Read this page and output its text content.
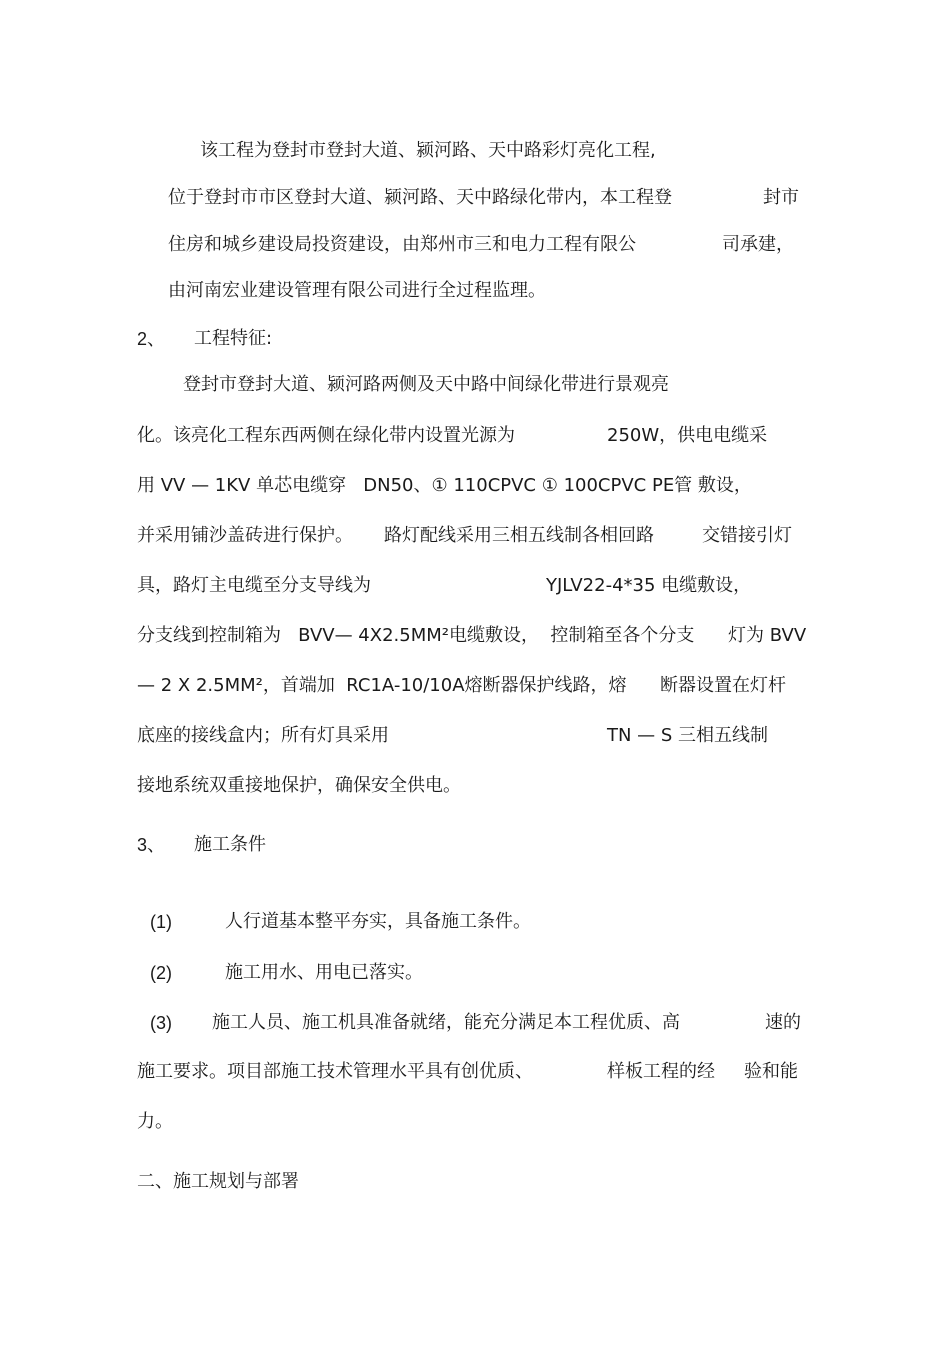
该工程为登封市登封大道、颍河路、天中路彩灯亮化工程,
位于登封市市区登封大道、颍河路、天中路绿化带内，本工程登	封市
住房和城乡建设局投资建设，由郑州市三和电力工程有限公	司承建，
由河南宏业建设管理有限公司进行全过程监理。
2、 工程特征:
登封市登封大道、颍河路两侧及天中路中间绿化带进行景观亮
化。该亮化工程东西两侧在绿化带内设置光源为	250W，供电电缆采
用 VV — 1KV 单芯电缆穿   DN50、① 110CPVC ① 100CPVC PE管 敷设，
并采用铺沙盖砖进行保护。 路灯配线采用三相五线制各相回路	交错接引灯
具，路灯主电缆至分支导线为	YJLV22-4*35 电缆敷设，
分支线到控制箱为   BVV— 4X2.5MM²电缆敷设，  控制箱至各个分支 灯为 BVV
— 2 X 2.5MM²，首端加  RC1A-10/10A熔断器保护线路，熔 断器设置在灯杆
底座的接线盒内；所有灯具采用	TN — S 三相五线制
接地系统双重接地保护，确保安全供电。
3、 施工条件
(1)	人行道基本整平夯实，具备施工条件。
(2)	施工用水、用电已落实。
(3) 施工人员、施工机具准备就绪，能充分满足本工程优质、高	速的
施工要求。项目部施工技术管理水平具有创优质、	样板工程的经 验和能
力。
二、施工规划与部署
